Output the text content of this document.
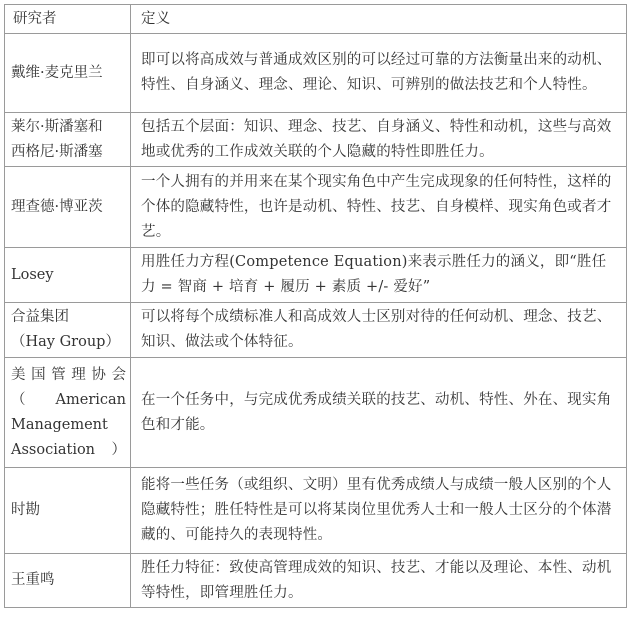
研究者	定义

戴维·麦克里兰	即可以将高成效与普通成效区别的可以经过可靠的方法衡量出来的动机、特性、自身涵义、理念、理论、知识、可辨别的做法技艺和个人特性。

莱尔·斯潘塞和
西格尼·斯潘塞	包括五个层面：知识、理念、技艺、自身涵义、特性和动机，这些与高效地或优秀的工作成效关联的个人隐藏的特性即胜任力。

理查德·博亚茨	一个人拥有的并用来在某个现实角色中产生完成现象的任何特性，这样的个体的隐藏特性，也许是动机、特性、技艺、自身模样、现实角色或者才艺。

Losey	用胜任力方程(Competence Equation)来表示胜任力的涵义，即“胜任力 = 智商 + 培育 + 履历 + 素质 +/- 爱好”

合益集团
（Hay Group）	可以将每个成绩标准人和高成效人士区别对待的任何动机、理念、技艺、知识、做法或个体特征。

美国管理协会
（American
Management
Association）	在一个任务中，与完成优秀成绩关联的技艺、动机、特性、外在、现实角色和才能。

时勘	能将一些任务（或组织、文明）里有优秀成绩人与成绩一般人区别的个人隐藏特性；胜任特性是可以将某岗位里优秀人士和一般人士区分的个体潜藏的、可能持久的表现特性。

王重鸣	胜任力特征：致使高管理成效的知识、技艺、才能以及理论、本性、动机等特性，即管理胜任力。
